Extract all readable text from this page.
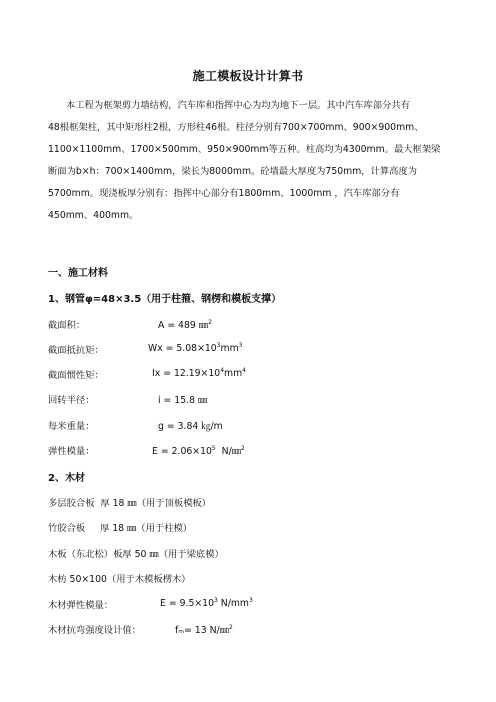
施工模板设计计算书
本工程为框架剪力墙结构，汽车库和指挥中心为均为地下一层。其中汽车库部分共有
48根框架柱，其中矩形柱2根，方形柱46根。柱径分别有700×700mm、900×900mm、
1100×1100mm、1700×500mm、950×900mm等五种。柱高均为4300mm。最大框架梁
断面为b×h：700×1400mm，梁长为8000mm。砼墙最大厚度为750mm，计算高度为
5700mm。现浇板厚分别有：指挥中心部分有1800mm、1000mm ，汽车库部分有
450mm、400mm。
一、施工材料
1、钢管φ=48×3.5（用于柱箍、钢楞和模板支撑）
截面积：	A = 489 ㎜$^2$
截面抵抗矩：	$Wx = 5.08\times 10^3mm^3$
截面惯性矩：	$Ix = 12.19\times 10^4mm^4$
回转半径：	i = 15.8 ㎜
每米重量：	g = 3.84 ㎏/m
弹性模量：	$E = 2.06\times 10^5$  N/㎜$^2$
2、木材
多层胶合板  厚 18 ㎜（用于顶板模板）
竹胶合板     厚 18 ㎜（用于柱模）
木板（东北松）板厚 50 ㎜（用于梁底模）
木枋 50×100（用于木模板楞木）
木材弹性模量：	$E = 9.5\times 10^3$ $N/mm^3$
木材抗弯强度设计值：	fₘ= 13 N/㎜$^2$
